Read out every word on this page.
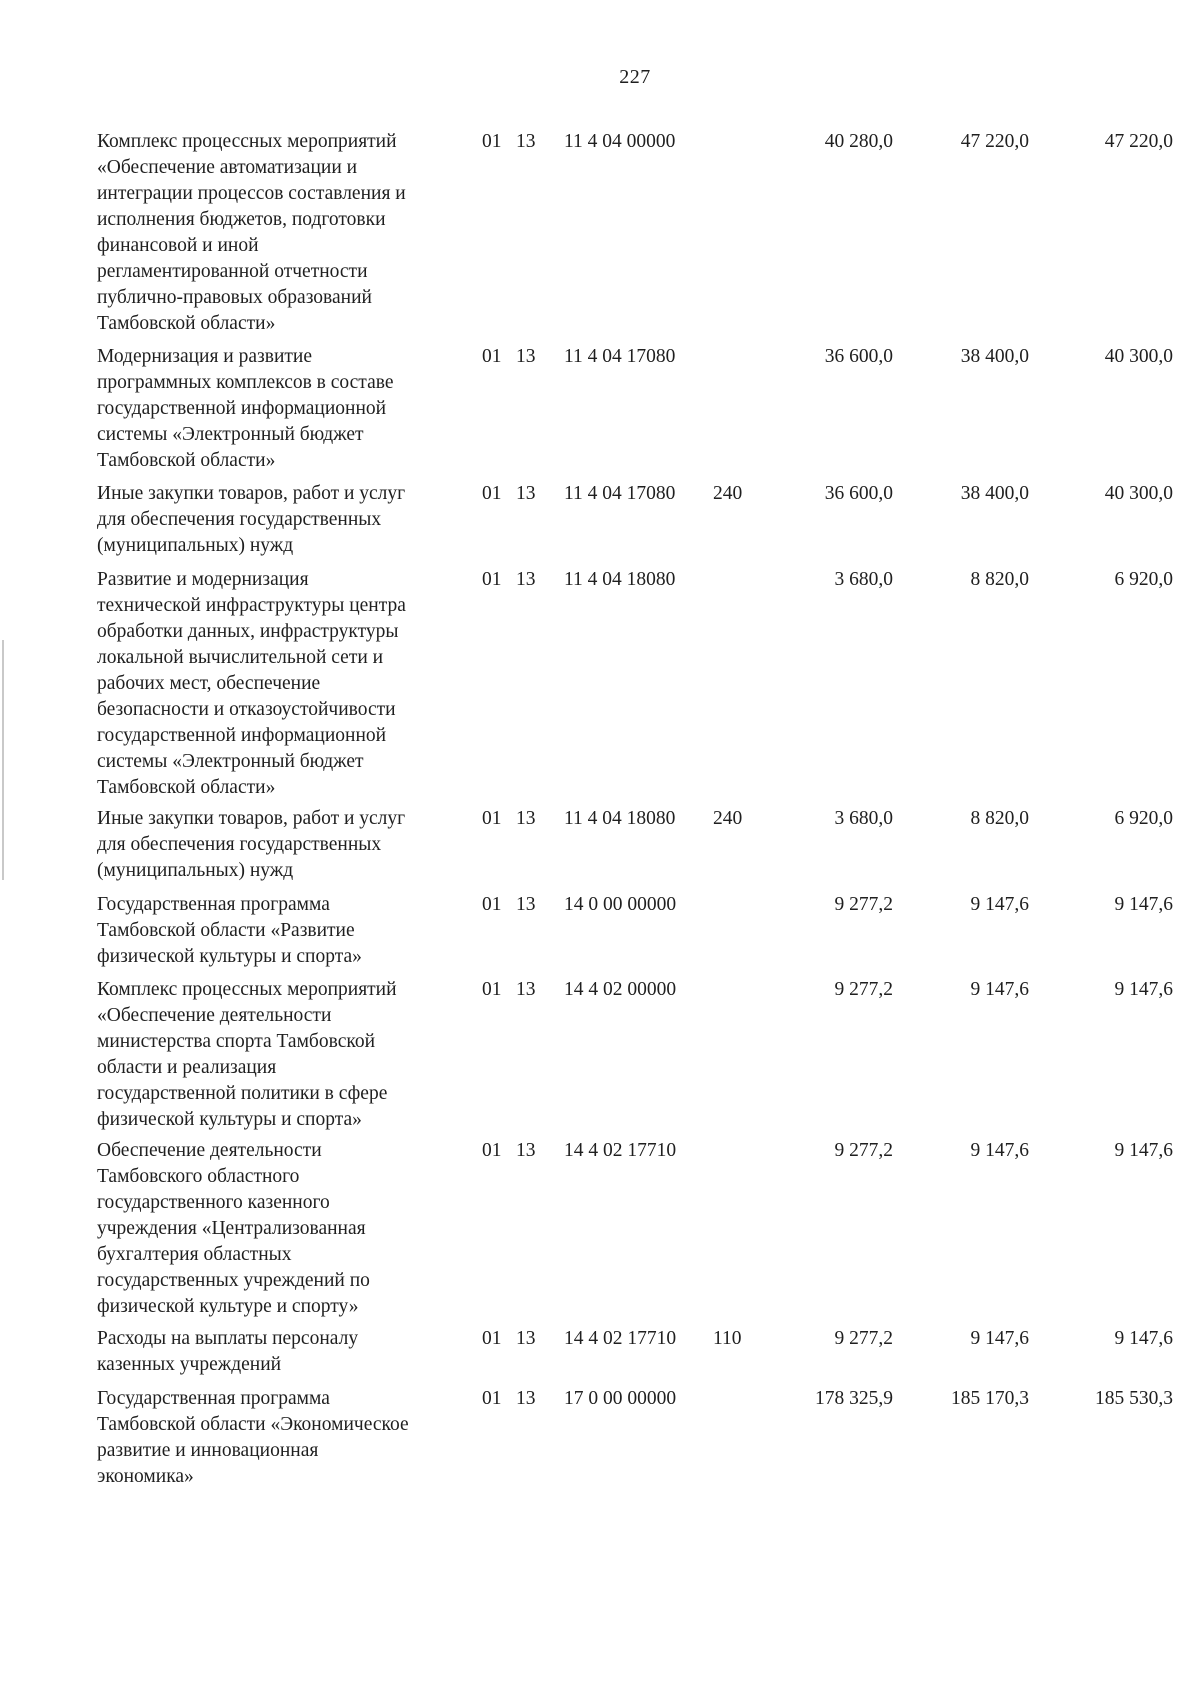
227
Комплекс процессных мероприятий
«Обеспечение автоматизации и
интеграции процессов составления и
исполнения бюджетов, подготовки
финансовой и иной
регламентированной отчетности
публично-правовых образований
Тамбовской области»
01 13	11 4 04 00000	40 280,0	47 220,0	47 220,0
Модернизация и развитие
программных комплексов в составе
государственной информационной
системы «Электронный бюджет
Тамбовской области»
01 13	11 4 04 17080	36 600,0	38 400,0	40 300,0
Иные закупки товаров, работ и услуг
для обеспечения государственных
(муниципальных) нужд
01 13	11 4 04 17080	240	36 600,0	38 400,0	40 300,0
Развитие и модернизация
технической инфраструктуры центра
обработки данных, инфраструктуры
локальной вычислительной сети и
рабочих мест, обеспечение
безопасности и отказоустойчивости
государственной информационной
системы «Электронный бюджет
Тамбовской области»
01 13	11 4 04 18080	3 680,0	8 820,0	6 920,0
Иные закупки товаров, работ и услуг
для обеспечения государственных
(муниципальных) нужд
01 13	11 4 04 18080	240	3 680,0	8 820,0	6 920,0
Государственная программа
Тамбовской области «Развитие
физической культуры и спорта»
01 13	14 0 00 00000	9 277,2	9 147,6	9 147,6
Комплекс процессных мероприятий
«Обеспечение деятельности
министерства спорта Тамбовской
области и реализация
государственной политики в сфере
физической культуры и спорта»
01 13	14 4 02 00000	9 277,2	9 147,6	9 147,6
Обеспечение деятельности
Тамбовского областного
государственного казенного
учреждения «Централизованная
бухгалтерия областных
государственных учреждений по
физической культуре и спорту»
01 13	14 4 02 17710	9 277,2	9 147,6	9 147,6
Расходы на выплаты персоналу
казенных учреждений
01 13	14 4 02 17710	110	9 277,2	9 147,6	9 147,6
Государственная программа
Тамбовской области «Экономическое
развитие и инновационная
экономика»
01 13	17 0 00 00000	178 325,9	185 170,3	185 530,3
